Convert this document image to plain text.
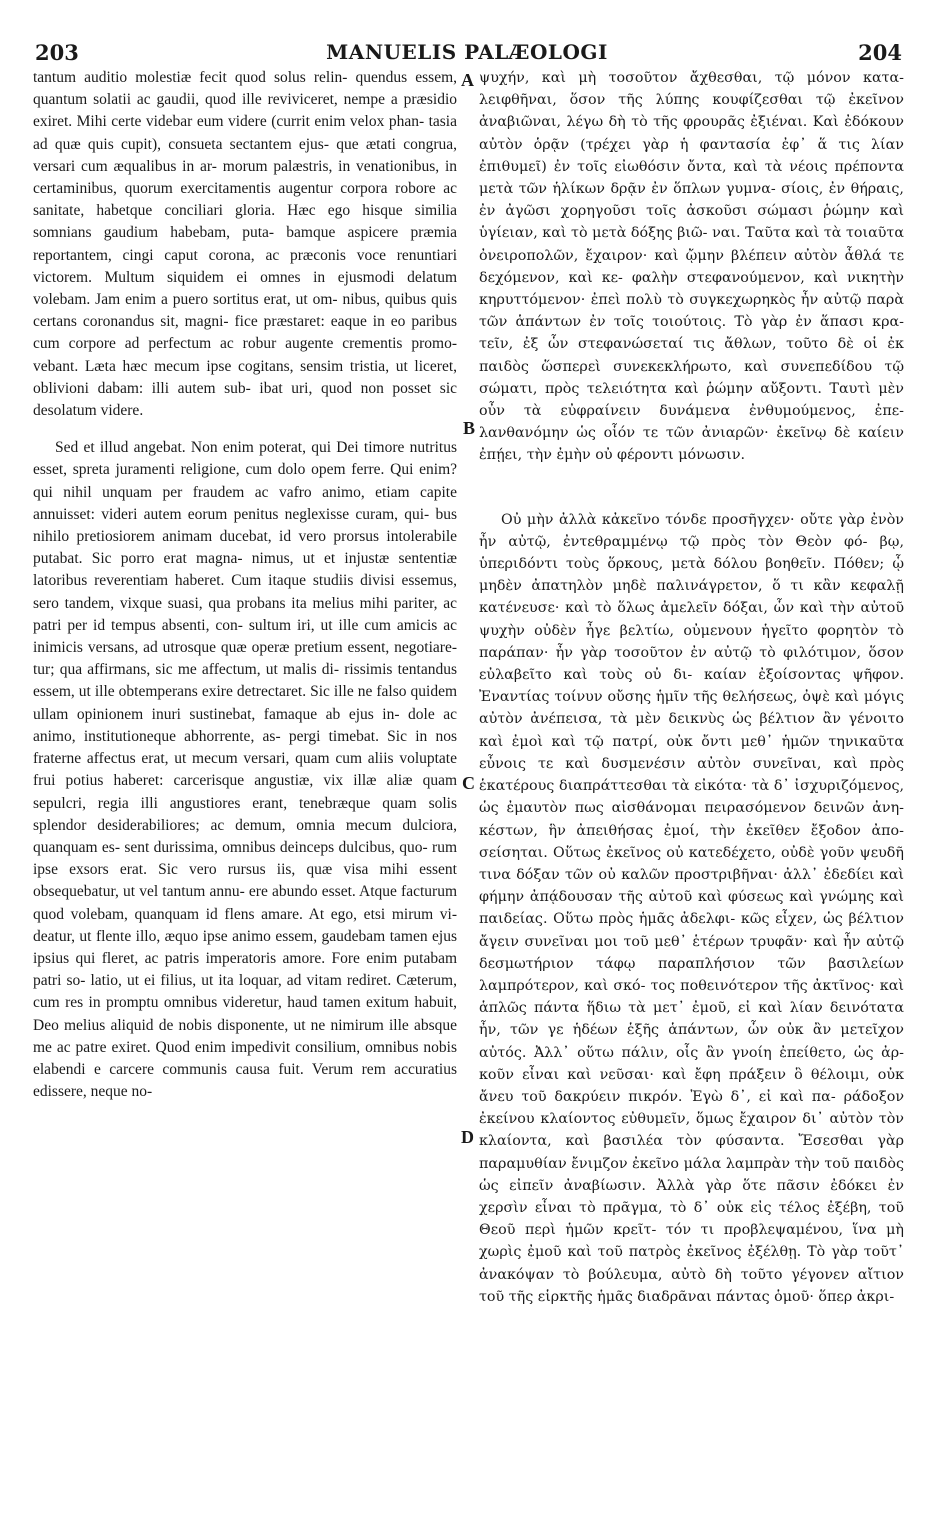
203	MANUELIS PALÆOLOGI	204
A
B
C
D

tantum auditio molestiæ fecit quod solus relin- quendus essem, quantum solatii ac gaudii, quod ille reviviceret, nempe a præsidio exiret. Mihi certe videbar eum videre (currit enim velox phan- tasia ad quæ quis cupit), consueta sectantem ejus- que ætati congrua, versari cum æqualibus in ar- morum palæstris, in venationibus, in certaminibus, quorum exercitamentis augentur corpora robore ac sanitate, habetque conciliari gloria. Hæc ego hisque similia somnians gaudium habebam, puta- bamque aspicere præmia reportantem, cingi caput corona, ac præconis voce renuntiari victorem. Multum siquidem ei omnes in ejusmodi delatum volebam. Jam enim a puero sortitus erat, ut om- nibus, quibus quis certans coronandus sit, magni- fice præstaret: eaque in eo paribus cum corpore ad perfectum ac robur augente crementis promo- vebant. Læta hæc mecum ipse cogitans, sensim tristia, ut liceret, oblivioni dabam: illi autem sub- ibat uri, quod non posset sic desolatum videre.

Sed et illud angebat. Non enim poterat, qui Dei timore nutritus esset, spreta juramenti religione, cum dolo opem ferre. Qui enim? qui nihil unquam per fraudem ac vafro animo, etiam capite annuisset: videri autem eorum penitus neglexisse curam, qui- bus nihilo pretiosiorem animam ducebat, id vero prorsus intolerabile putabat. Sic porro erat magna- nimus, ut et injustæ sententiæ latoribus reverentiam haberet. Cum itaque studiis divisi essemus, sero tandem, vixque suasi, qua probans ita melius mihi pariter, ac patri per id tempus absenti, con- sultum iri, ut ille cum amicis ac inimicis versans, ad utrosque quæ operæ pretium essent, negotiare- tur; qua affirmans, sic me affectum, ut malis di- rissimis tentandus essem, ut ille obtemperans exire detrectaret. Sic ille ne falso quidem ullam opinionem inuri sustinebat, famaque ab ejus in- dole ac animo, institutioneque abhorrente, as- pergi timebat. Sic in nos fraterne affectus erat, ut mecum versari, quam cum aliis voluptate frui potius haberet: carcerisque angustiæ, vix illæ aliæ quam sepulcri, regia illi angustiores erant, tenebræque quam solis splendor desiderabiliores; ac demum, omnia mecum dulciora, quanquam es- sent durissima, omnibus deinceps dulcibus, quo- rum ipse exsors erat. Sic vero rursus iis, quæ visa mihi essent obsequebatur, ut vel tantum annu- ere abundo esset. Atque facturum quod volebam, quanquam id flens amare. At ego, etsi mirum vi- deatur, ut flente illo, æquo ipse animo essem, gaudebam tamen ejus ipsius qui fleret, ac patris imperatoris amore. Fore enim putabam patri so- latio, ut ei filius, ut ita loquar, ad vitam rediret. Cæterum, cum res in promptu omnibus videretur, haud tamen exitum habuit, Deo melius aliquid de nobis disponente, ut ne nimirum ille absque me ac patre exiret. Quod enim impedivit consilium, omnibus nobis elabendi e carcere communis causa fuit. Verum rem accuratius edissere, neque no-

ψυχήν, καὶ μὴ τοσοῦτον ἄχθεσθαι, τῷ μόνον κατα- λειφθῆναι, ὅσον τῆς λύπης κουφίζεσθαι τῷ ἐκεῖνον ἀναβιῶναι, λέγω δὴ τὸ τῆς φρουρᾶς ἐξιέναι. Καὶ ἐδόκουν αὐτὸν ὁρᾷν (τρέχει γὰρ ἡ φαντασία ἐφ᾽ ἅ τις λίαν ἐπιθυμεῖ) ἐν τοῖς εἰωθόσιν ὄντα, καὶ τὰ νέοις πρέποντα μετὰ τῶν ἡλίκων δρᾷν ἐν ὅπλων γυμνα- σίοις, ἐν θήραις, ἐν ἀγῶσι χορηγοῦσι τοῖς ἀσκοῦσι σώμασι ῥώμην καὶ ὑγίειαν, καὶ τὸ μετὰ δόξης βιῶ- ναι. Ταῦτα καὶ τὰ τοιαῦτα ὀνειροπολῶν, ἔχαιρον· καὶ ᾤμην βλέπειν αὐτὸν ἆθλά τε δεχόμενον, καὶ κε- φαλὴν στεφανούμενον, καὶ νικητὴν κηρυττόμενον· ἐπεὶ πολὺ τὸ συγκεχωρηκὸς ἦν αὐτῷ παρὰ τῶν ἁπάντων ἐν τοῖς τοιούτοις. Τὸ γὰρ ἐν ἅπασι κρα- τεῖν, ἐξ ὧν στεφανώσεταί τις ἄθλων, τοῦτο δὲ οἱ ἐκ παιδὸς ὥσπερεὶ συνεκεκλήρωτο, καὶ συνεπεδίδου τῷ σώματι, πρὸς τελειότητα καὶ ῥώμην αὔξοντι. Ταυτὶ μὲν οὖν τὰ εὐφραίνειν δυνάμενα ἐνθυμούμενος, ἐπε- λανθανόμην ὡς οἷόν τε τῶν ἀνιαρῶν· ἐκεῖνῳ δὲ καίειν ἐπῄει, τὴν ἐμὴν οὐ φέροντι μόνωσιν.

Οὐ μὴν ἀλλὰ κἀκεῖνο τόνδε προσῆγχεν· οὔτε γὰρ ἐνὸν ἦν αὐτῷ, ἐντεθραμμένῳ τῷ πρὸς τὸν Θεὸν φό- βῳ, ὑπεριδόντι τοὺς ὅρκους, μετὰ δόλου βοηθεῖν. Πόθεν; ᾧ μηδὲν ἀπατηλὸν μηδὲ παλινάγρετον, ὅ τι κἂν κεφαλῇ κατένευσε· καὶ τὸ ὅλως ἀμελεῖν δόξαι, ὧν καὶ τὴν αὐτοῦ ψυχὴν οὐδὲν ἦγε βελτίω, οὐμενουν ἡγεῖτο φορητὸν τὸ παράπαν· ἦν γὰρ τοσοῦτον ἐν αὐτῷ τὸ φιλότιμον, ὅσον εὐλαβεῖτο καὶ τοὺς οὐ δι- καίαν ἐξοίσοντας ψῆφον. Ἐναντίας τοίνυν οὔσης ἡμῖν τῆς θελήσεως, ὀψὲ καὶ μόγις αὐτὸν ἀνέπεισα, τὰ μὲν δεικνὺς ὡς βέλτιον ἂν γένοιτο καὶ ἐμοὶ καὶ τῷ πατρί, οὐκ ὄντι μεθ᾽ ἡμῶν τηνικαῦτα εὖνοις τε καὶ δυσμενέσιν αὐτὸν συνεῖναι, καὶ πρὸς ἑκατέρους διαπράττεσθαι τὰ εἰκότα· τὰ δ᾽ ἰσχυριζόμενος, ὡς ἐμαυτὸν πως αἰσθάνομαι πειρασόμενον δεινῶν ἀνη- κέστων, ἣν ἀπειθήσας ἐμοί, τὴν ἐκεῖθεν ἔξοδον ἀπο- σείσηται. Οὕτως ἐκεῖνος οὐ κατεδέχετο, οὐδὲ γοῦν ψευδῆ τινα δόξαν τῶν οὐ καλῶν προστριβῆναι· ἀλλ᾽ ἐδεδίει καὶ φήμην ἀπᾴδουσαν τῆς αὐτοῦ καὶ φύσεως καὶ γνώμης καὶ παιδείας. Οὕτω πρὸς ἡμᾶς ἀδελφι- κῶς εἶχεν, ὡς βέλτιον ἄγειν συνεῖναι μοι τοῦ μεθ᾽ ἑτέρων τρυφᾶν· καὶ ἦν αὐτῷ δεσμωτήριον τάφῳ παραπλήσιον τῶν βασιλείων λαμπρότερον, καὶ σκό- τος ποθεινότερον τῆς ἀκτῖνος· καὶ ἁπλῶς πάντα ἥδιω τὰ μετ᾽ ἐμοῦ, εἰ καὶ λίαν δεινότατα ἦν, τῶν γε ἡδέων ἑξῆς ἁπάντων, ὧν οὐκ ἂν μετεῖχον αὐτός. Ἀλλ᾽ οὕτω πάλιν, οἷς ἂν γνοίη ἐπείθετο, ὡς ἀρ- κοῦν εἶναι καὶ νεῦσαι· καὶ ἔφη πράξειν ὃ θέλοιμι, οὐκ ἄνευ τοῦ δακρύειν πικρόν. Ἐγὼ δ᾽, εἰ καὶ πα- ράδοξον ἐκείνου κλαίοντος εὐθυμεῖν, ὅμως ἔχαιρον δι᾽ αὐτὸν τὸν κλαίοντα, καὶ βασιλέα τὸν φύσαντα. Ἔσεσθαι γὰρ παραμυθίαν ἔνιμζον ἐκεῖνο μάλα λαμπρὰν τὴν τοῦ παιδὸς ὡς εἰπεῖν ἀναβίωσιν. Ἀλλὰ γὰρ ὅτε πᾶσιν ἐδόκει ἐν χερσὶν εἶναι τὸ πρᾶγμα, τὸ δ᾽ οὐκ εἰς τέλος ἐξέβη, τοῦ Θεοῦ περὶ ἡμῶν κρεῖτ- τόν τι προβλεψαμένου, ἵνα μὴ χωρὶς ἐμοῦ καὶ τοῦ πατρὸς ἐκεῖνος ἐξέλθῃ. Τὸ γὰρ τοῦτ᾽ ἀνακόψαν τὸ βούλευμα, αὐτὸ δὴ τοῦτο γέγονεν αἴτιον τοῦ τῆς εἱρκτῆς ἡμᾶς διαδρᾶναι πάντας ὁμοῦ· ὅπερ ἀκρι-
